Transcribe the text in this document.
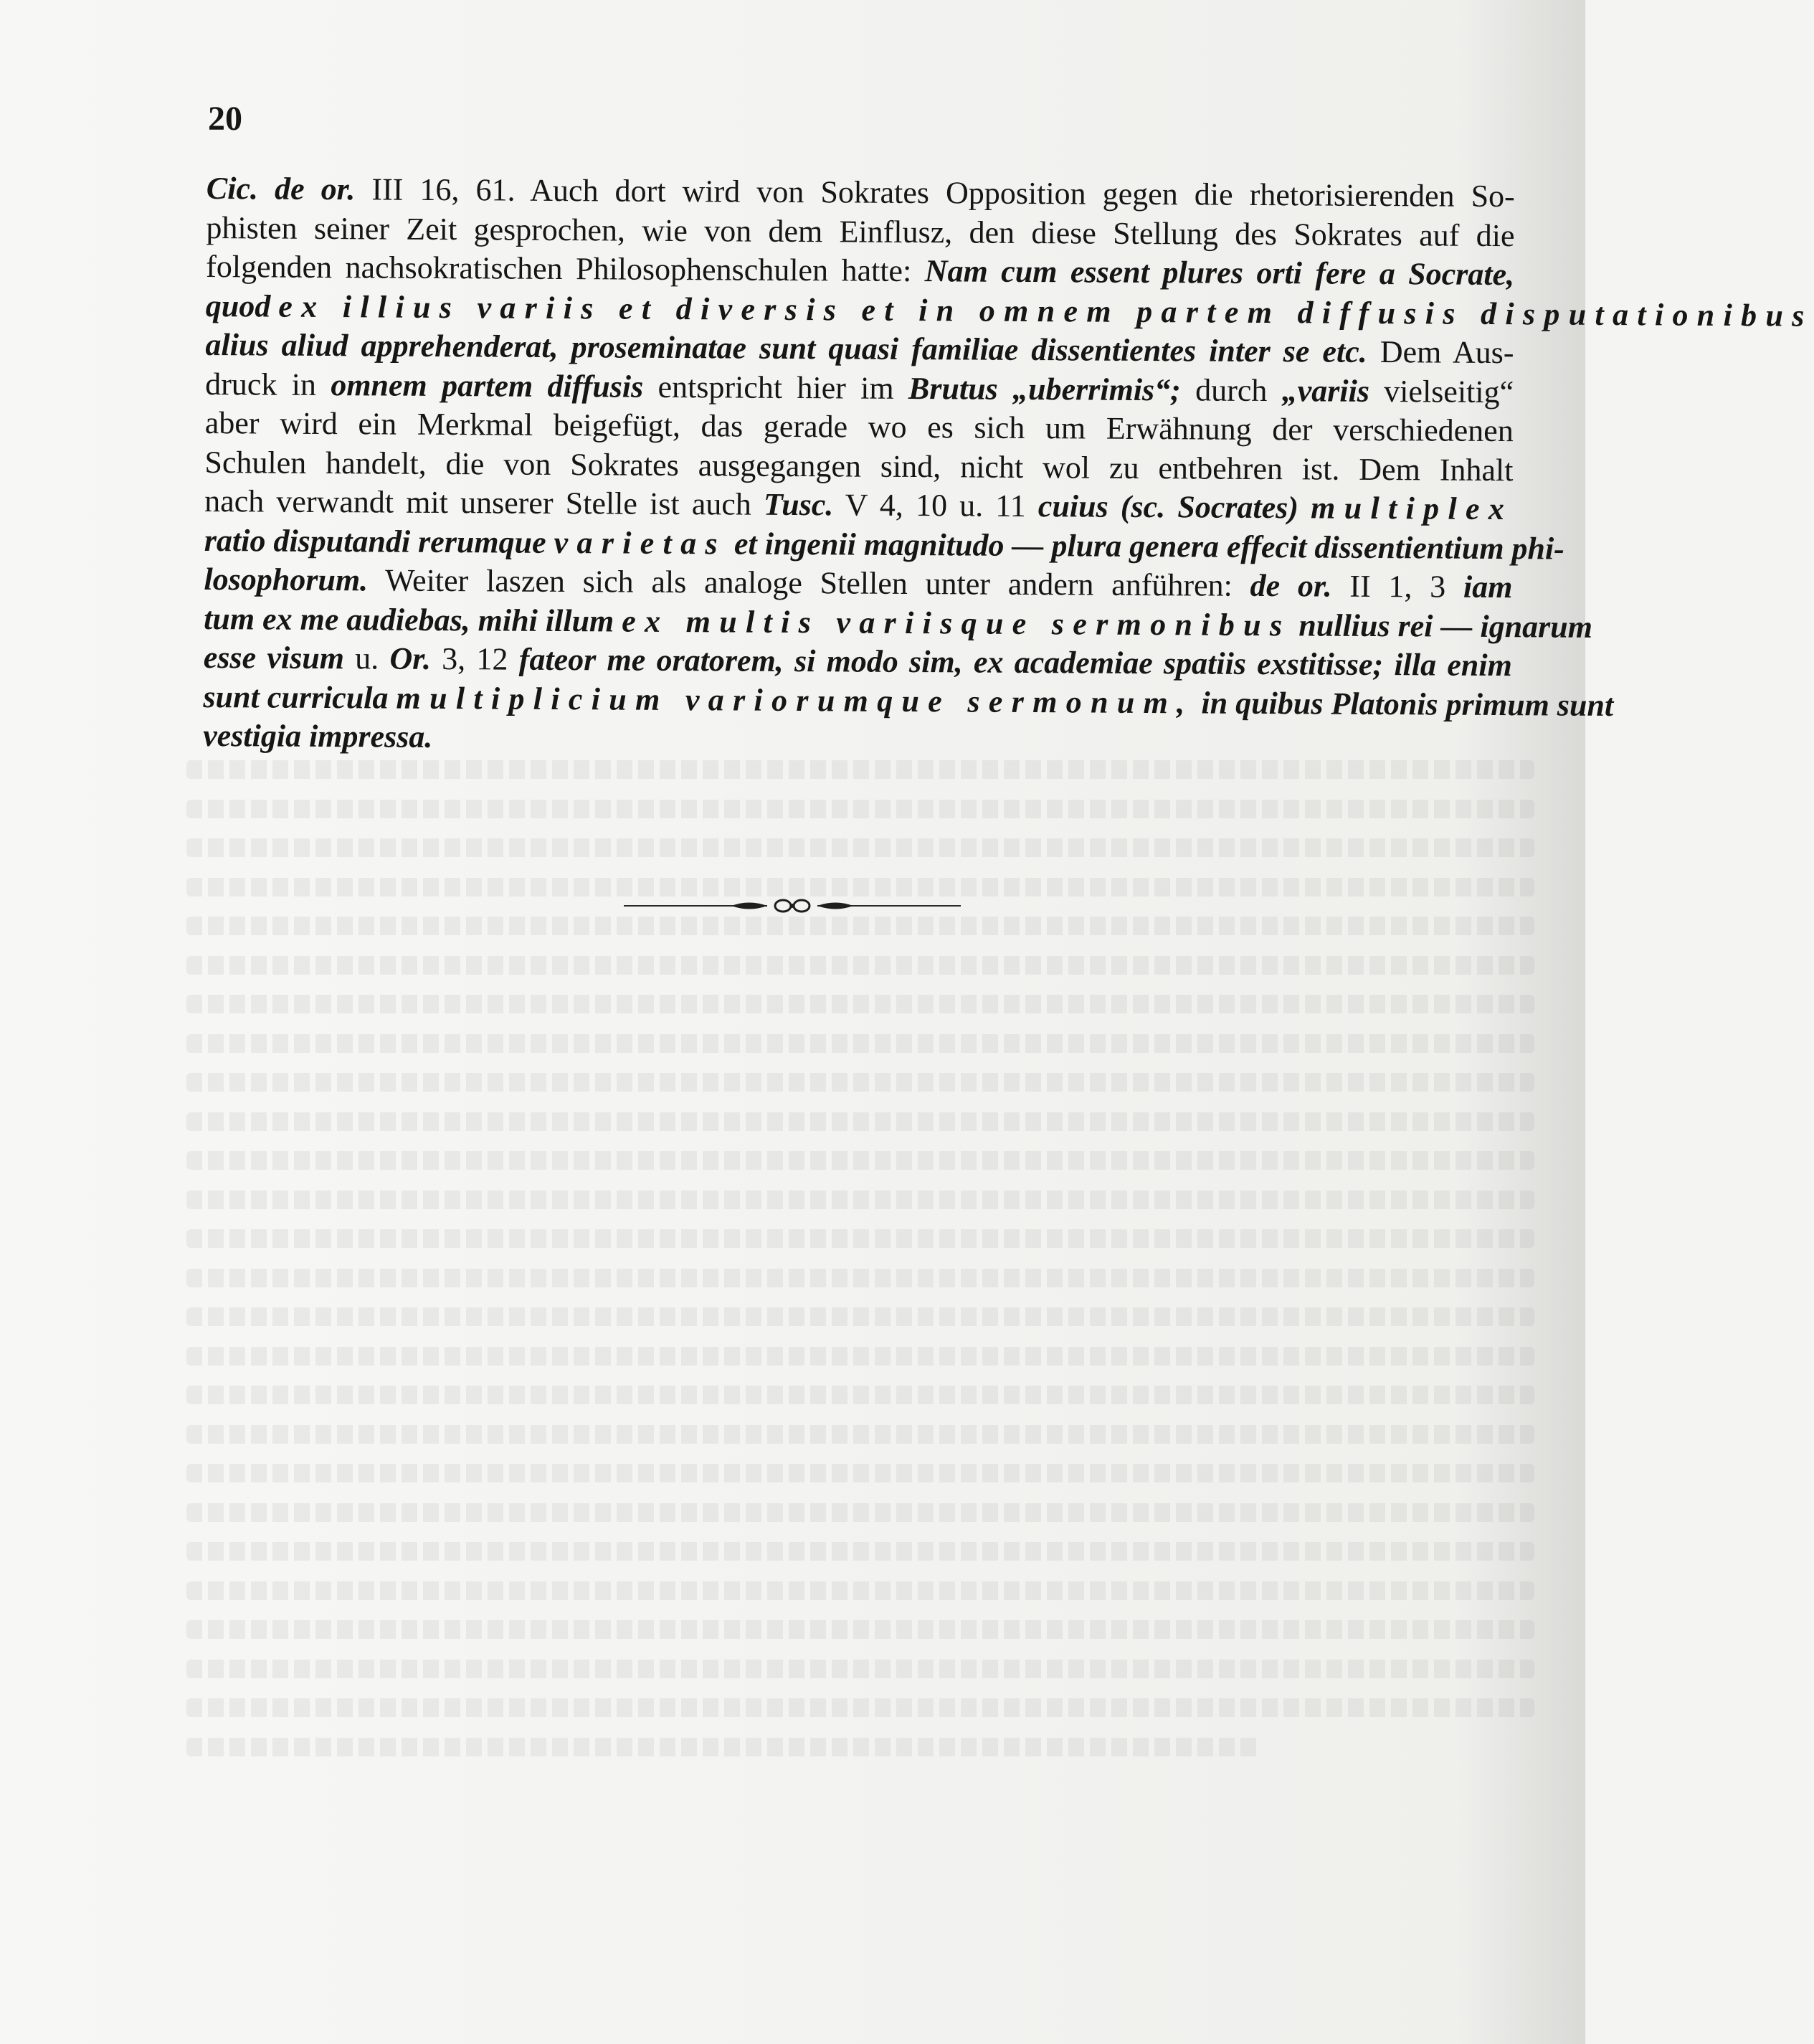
20
Cic. de or. III 16, 61. Auch dort wird von Sokrates Opposition gegen die rhetorisierenden So-
phisten seiner Zeit gesprochen, wie von dem Einflusz, den diese Stellung des Sokrates auf die
folgenden nachsokratischen Philosophenschulen hatte: Nam cum essent plures orti fere a Socrate,
quod ex illius variis et diversis et in omnem partem diffusis disputationibus
alius aliud apprehenderat, proseminatae sunt quasi familiae dissentientes inter se etc. Dem Aus-
druck in omnem partem diffusis entspricht hier im Brutus „uberrimis“; durch „variis vielseitig“
aber wird ein Merkmal beigefügt, das gerade wo es sich um Erwähnung der verschiedenen
Schulen handelt, die von Sokrates ausgegangen sind, nicht wol zu entbehren ist. Dem Inhalt
nach verwandt mit unserer Stelle ist auch Tusc. V 4, 10 u. 11 cuius (sc. Socrates) multiplex
ratio disputandi rerumque varietas et ingenii magnitudo — plura genera effecit dissentientium phi-
losophorum. Weiter laszen sich als analoge Stellen unter andern anführen: de or. II 1, 3 iam
tum ex me audiebas, mihi illum ex multis variisque sermonibus nullius rei — ignarum
esse visum u. Or. 3, 12 fateor me oratorem, si modo sim, ex academiae spatiis exstitisse; illa enim
sunt curricula multiplicium variorumque sermonum, in quibus Platonis primum sunt
vestigia impressa.
